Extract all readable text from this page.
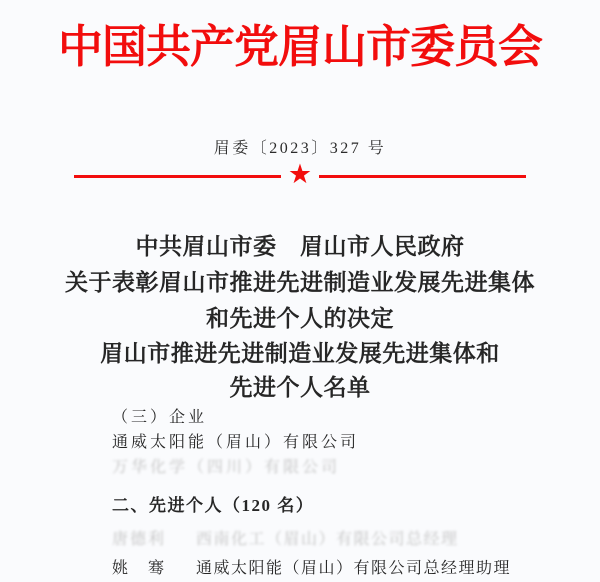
中国共产党眉山市委员会
眉委〔2023〕327 号
★
中共眉山市委　眉山市人民政府
关于表彰眉山市推进先进制造业发展先进集体
和先进个人的决定
眉山市推进先进制造业发展先进集体和
先进个人名单
（三）企业
通威太阳能（眉山）有限公司
万华化学（四川）有限公司
二、先进个人（120 名）
唐德利	西南化工（眉山）有限公司总经理
姚　骞	通威太阳能（眉山）有限公司总经理助理
